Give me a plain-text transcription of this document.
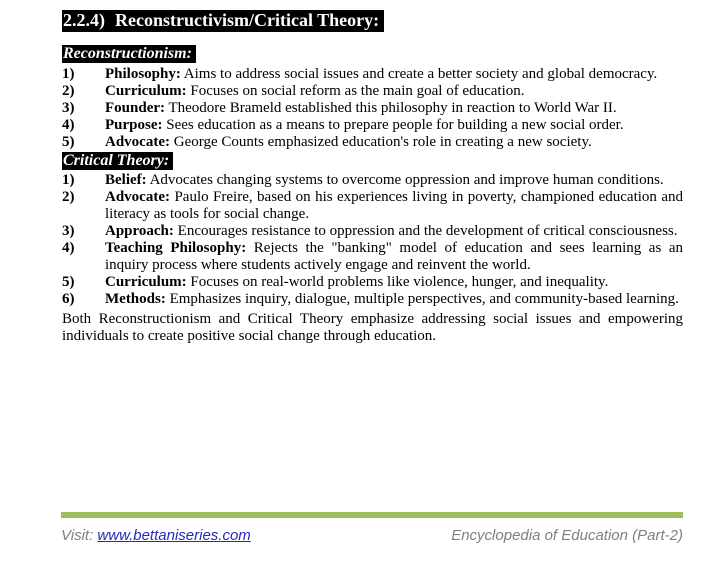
2.2.4) Reconstructivism/Critical Theory:
Reconstructionism:
1) Philosophy: Aims to address social issues and create a better society and global democracy.
2) Curriculum: Focuses on social reform as the main goal of education.
3) Founder: Theodore Brameld established this philosophy in reaction to World War II.
4) Purpose: Sees education as a means to prepare people for building a new social order.
5) Advocate: George Counts emphasized education's role in creating a new society.
Critical Theory:
1) Belief: Advocates changing systems to overcome oppression and improve human conditions.
2) Advocate: Paulo Freire, based on his experiences living in poverty, championed education and literacy as tools for social change.
3) Approach: Encourages resistance to oppression and the development of critical consciousness.
4) Teaching Philosophy: Rejects the "banking" model of education and sees learning as an inquiry process where students actively engage and reinvent the world.
5) Curriculum: Focuses on real-world problems like violence, hunger, and inequality.
6) Methods: Emphasizes inquiry, dialogue, multiple perspectives, and community-based learning.
Both Reconstructionism and Critical Theory emphasize addressing social issues and empowering individuals to create positive social change through education.
Visit: www.bettaniseries.com	Encyclopedia of Education (Part-2)
